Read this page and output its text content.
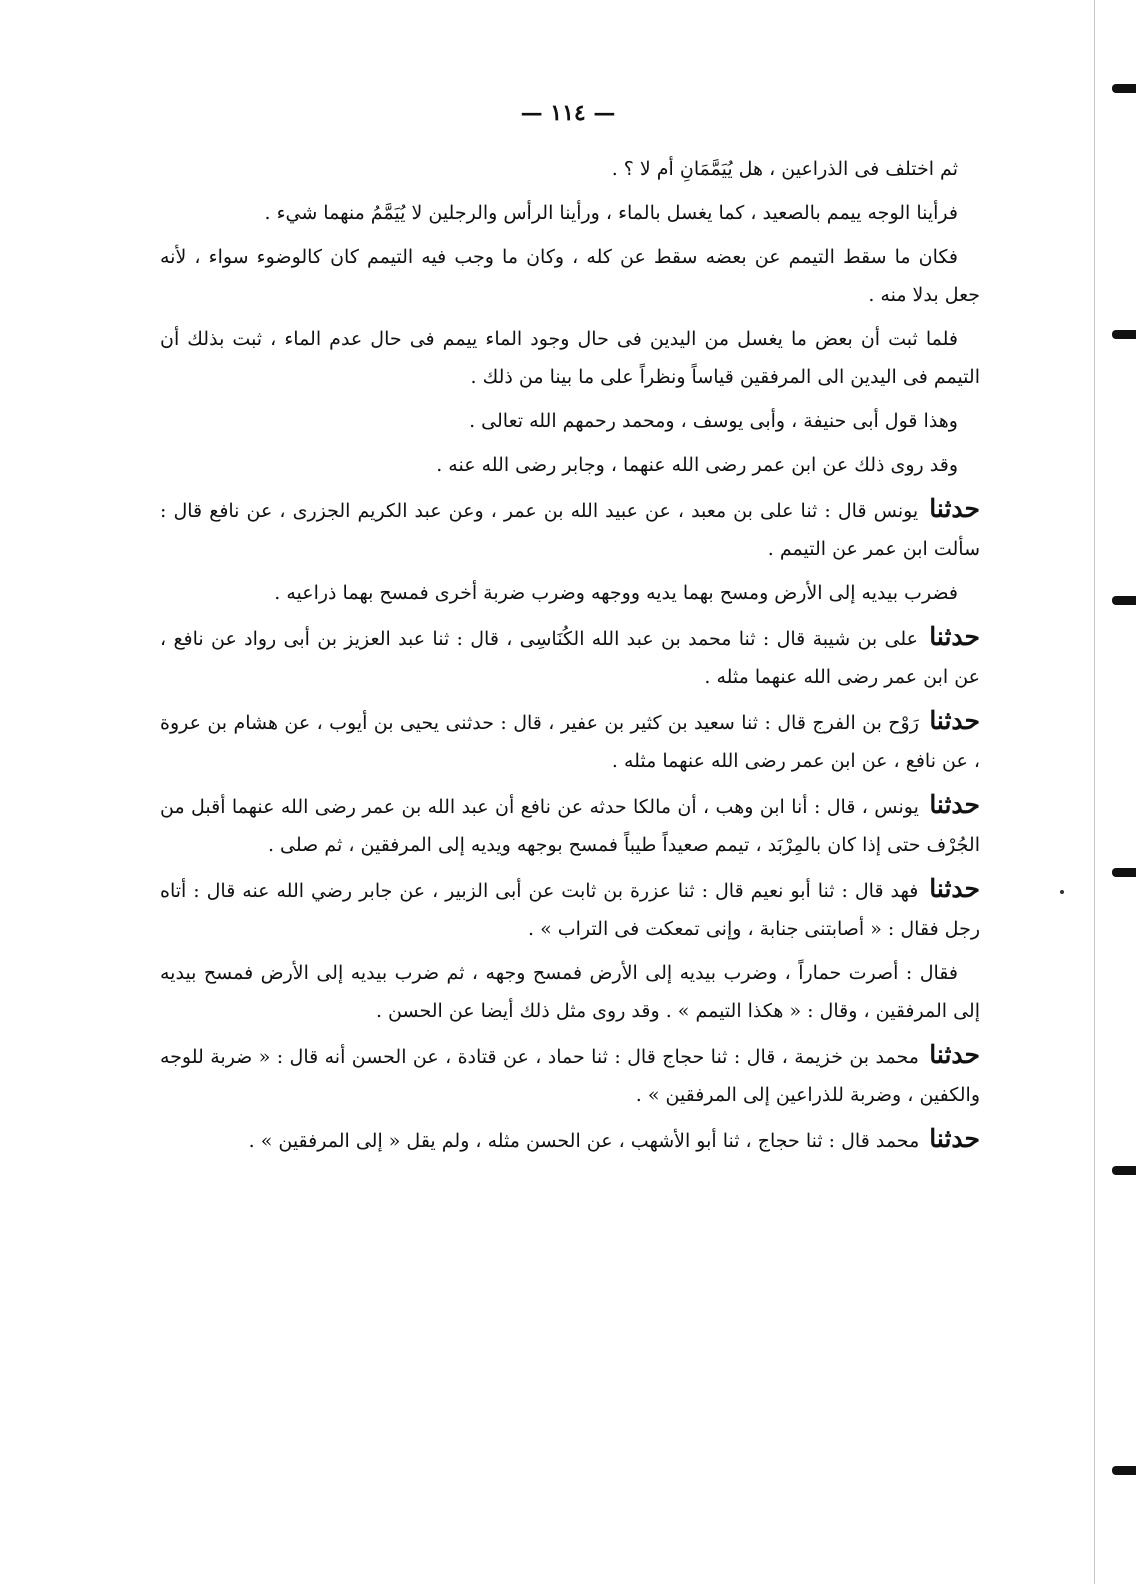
— ١١٤ —

ثم اختلف فى الذراعين ، هل يُيَمَّمَانِ أم لا ؟ .

فرأينا الوجه ييمم بالصعيد ، كما يغسل بالماء ، ورأينا الرأس والرجلين لا يُيَمَّمُ منهما شيء .

فكان ما سقط التيمم عن بعضه سقط عن كله ، وكان ما وجب فيه التيمم كان كالوضوء سواء ، لأنه جعل بدلا منه .

فلما ثبت أن بعض ما يغسل من اليدين فى حال وجود الماء ييمم فى حال عدم الماء ، ثبت بذلك أن التيمم فى اليدين الى المرفقين قياساً ونظراً على ما بينا من ذلك .

وهذا قول أبى حنيفة ، وأبى يوسف ، ومحمد رحمهم الله تعالى .

وقد روى ذلك عن ابن عمر رضى الله عنهما ، وجابر رضى الله عنه .

حدثنا يونس قال : ثنا على بن معبد ، عن عبيد الله بن عمر ، وعن عبد الكريم الجزرى ، عن نافع قال : سألت ابن عمر عن التيمم .

فضرب بيديه إلى الأرض ومسح بهما يديه ووجهه وضرب ضربة أخرى فمسح بهما ذراعيه .

حدثنا على بن شيبة قال : ثنا محمد بن عبد الله الكُنَاسِى ، قال : ثنا عبد العزيز بن أبى رواد عن نافع ، عن ابن عمر رضى الله عنهما مثله .

حدثنا رَوْح بن الفرج قال : ثنا سعيد بن كثير بن عفير ، قال : حدثنى يحيى بن أيوب ، عن هشام بن عروة ، عن نافع ، عن ابن عمر رضى الله عنهما مثله .

حدثنا يونس ، قال : أنا ابن وهب ، أن مالكا حدثه عن نافع أن عبد الله بن عمر رضى الله عنهما أقبل من الجُرْف حتى إذا كان بالمِرْبَد ، تيمم صعيداً طيباً فمسح بوجهه ويديه إلى المرفقين ، ثم صلى .

حدثنا فهد قال : ثنا أبو نعيم قال : ثنا عزرة بن ثابت عن أبى الزبير ، عن جابر رضي الله عنه قال : أتاه رجل فقال : « أصابتنى جنابة ، وإنى تمعكت فى التراب » .

فقال : أصرت حماراً ، وضرب بيديه إلى الأرض فمسح وجهه ، ثم ضرب بيديه إلى الأرض فمسح بيديه إلى المرفقين ، وقال : « هكذا التيمم » . وقد روى مثل ذلك أيضا عن الحسن .

حدثنا محمد بن خزيمة ، قال : ثنا حجاج قال : ثنا حماد ، عن قتادة ، عن الحسن أنه قال : « ضربة للوجه والكفين ، وضربة للذراعين إلى المرفقين » .

حدثنا محمد قال : ثنا حجاج ، ثنا أبو الأشهب ، عن الحسن مثله ، ولم يقل « إلى المرفقين » .
